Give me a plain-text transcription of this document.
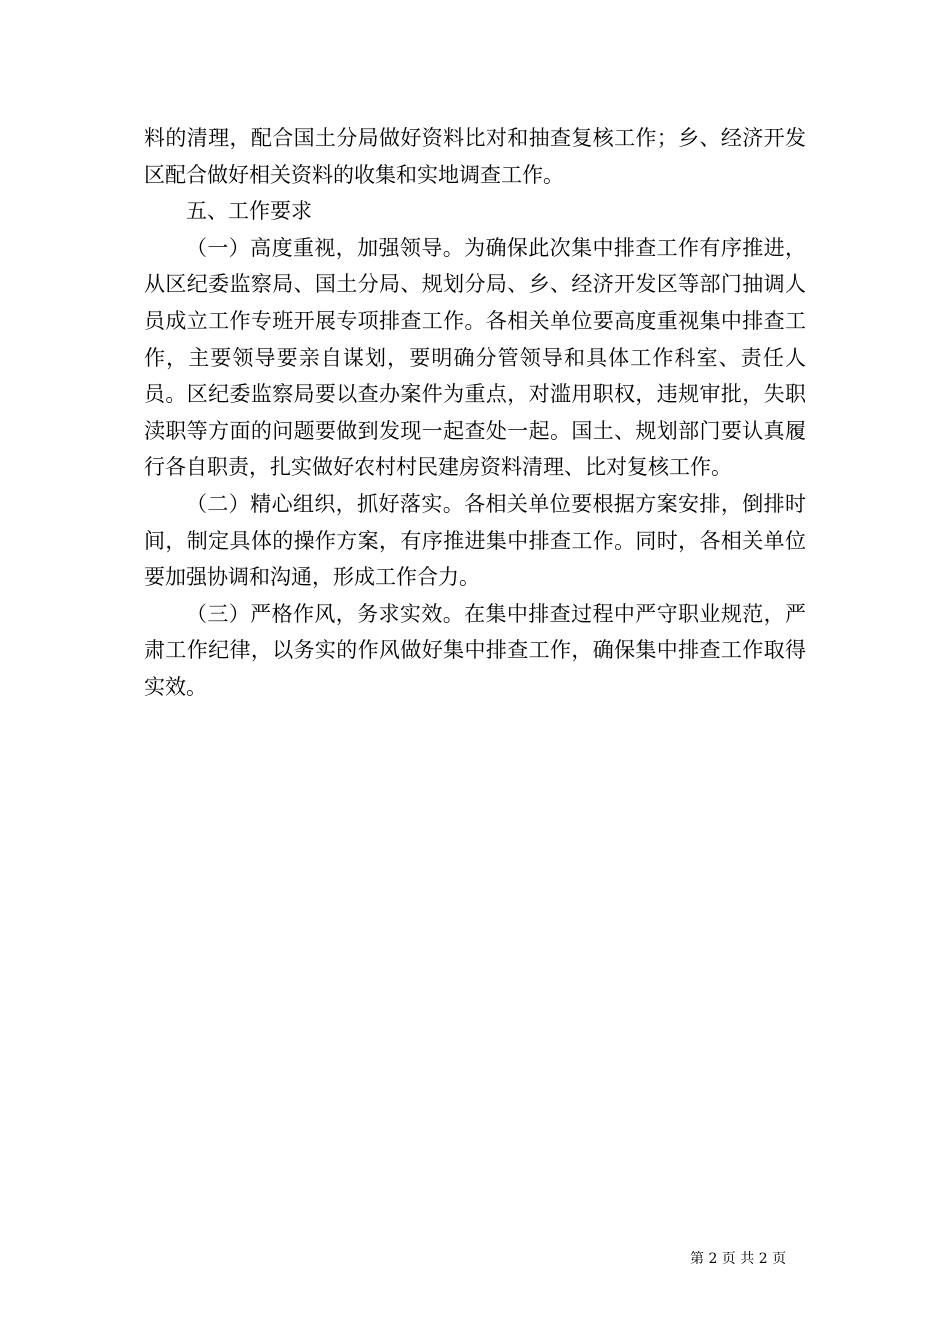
料的清理，配合国土分局做好资料比对和抽查复核工作；乡、经济开发区配合做好相关资料的收集和实地调查工作。

五、工作要求

（一）高度重视，加强领导。为确保此次集中排查工作有序推进，从区纪委监察局、国土分局、规划分局、乡、经济开发区等部门抽调人员成立工作专班开展专项排查工作。各相关单位要高度重视集中排查工作，主要领导要亲自谋划，要明确分管领导和具体工作科室、责任人员。区纪委监察局要以查办案件为重点，对滥用职权，违规审批，失职渎职等方面的问题要做到发现一起查处一起。国土、规划部门要认真履行各自职责，扎实做好农村村民建房资料清理、比对复核工作。

（二）精心组织，抓好落实。各相关单位要根据方案安排，倒排时间，制定具体的操作方案，有序推进集中排查工作。同时，各相关单位要加强协调和沟通，形成工作合力。

（三）严格作风，务求实效。在集中排查过程中严守职业规范，严肃工作纪律，以务实的作风做好集中排查工作，确保集中排查工作取得实效。

第 2 页 共 2 页
